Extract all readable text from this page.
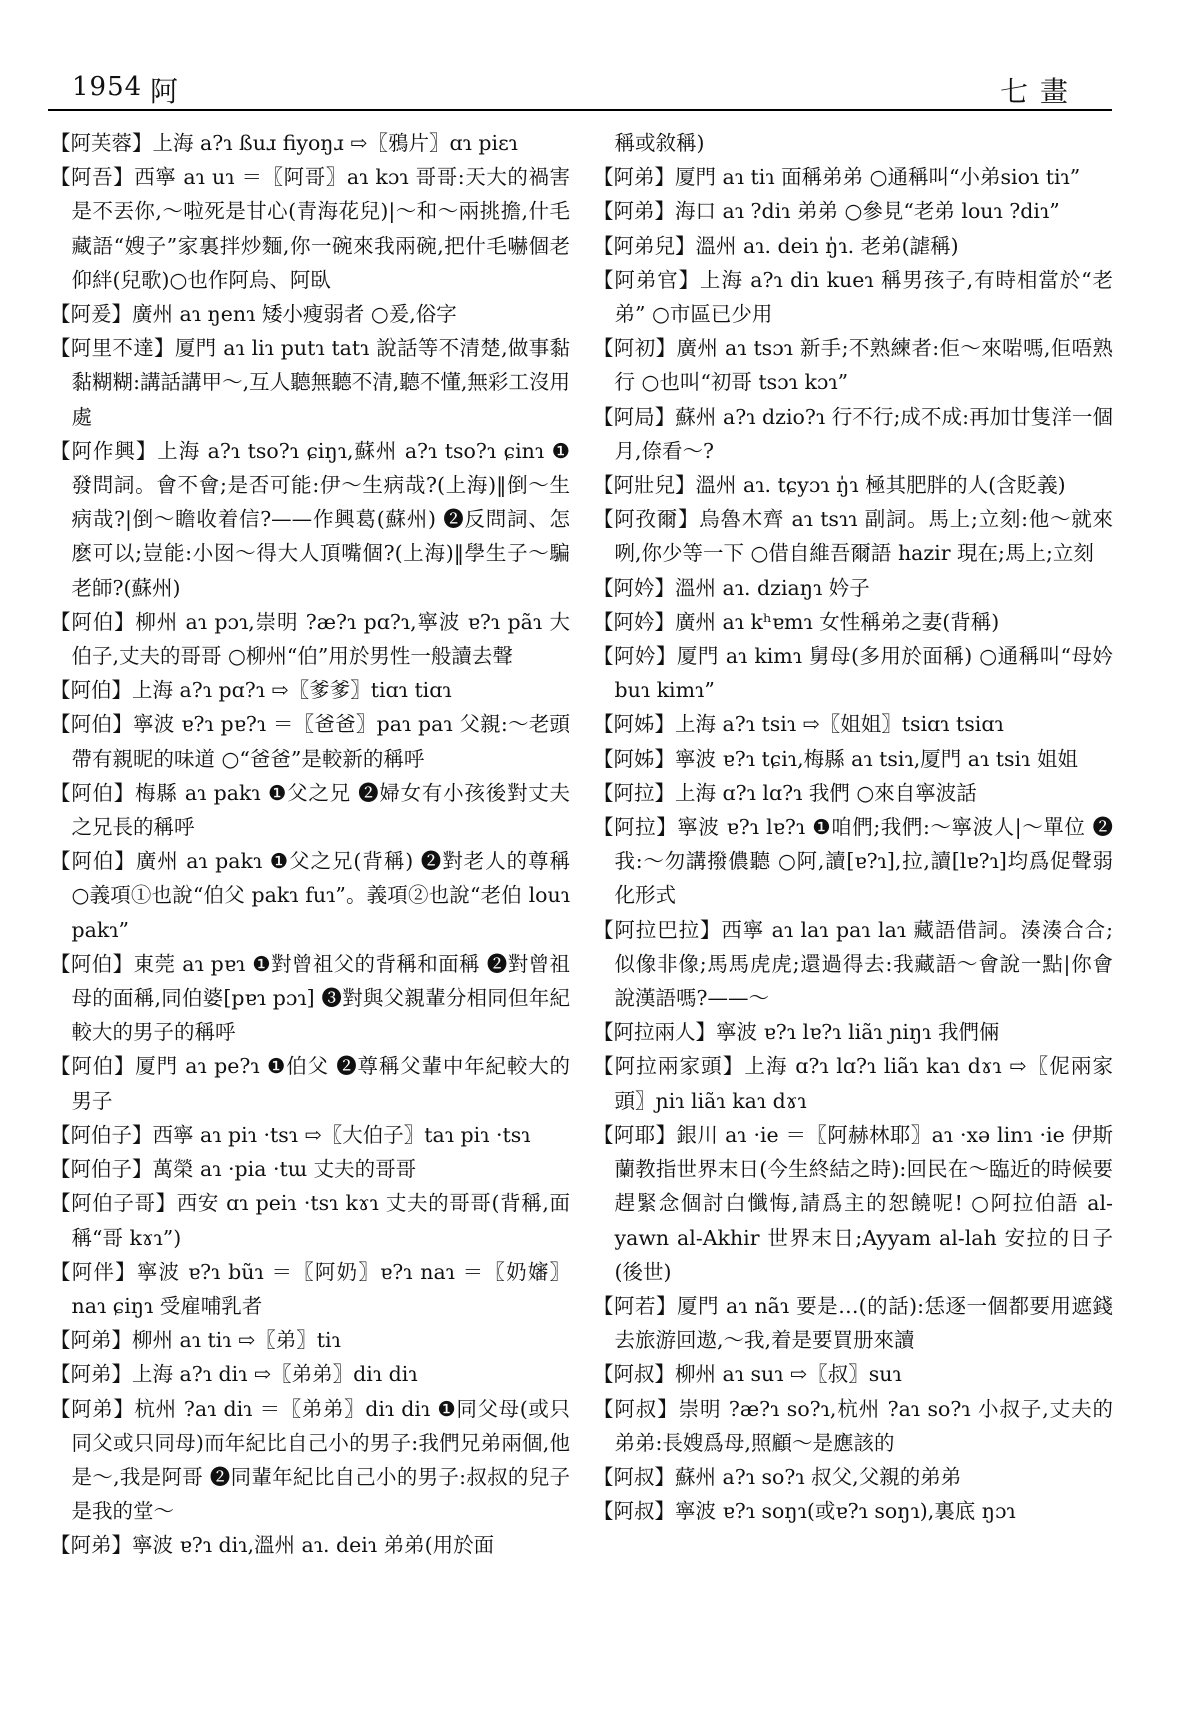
1954 阿	七畫

【阿芙蓉】上海 a?ɿ ßuɹ fiyoŋɹ ⇨〖鴉片〗ɑɿ piɛɿ

【阿吾】西寧 aɿ uɿ ＝〖阿哥〗aɿ kɔɿ 哥哥:天大的禍害是不丟你,～啦死是甘心(青海花兒)|～和～兩挑擔,什毛藏語“嫂子”家裏拌炒麵,你一碗來我兩碗,把什毛嚇個老仰絆(兒歌)○也作阿烏、阿臥

【阿爰】廣州 aɿ ŋenɿ 矮小瘦弱者 ○爰,俗字

【阿里不達】厦門 aɿ liɿ putɿ tatɿ 說話等不清楚,做事黏黏糊糊:講話講甲～,互人聽無聽不清,聽不懂,無彩工沒用處

【阿作興】上海 a?ɿ tso?ɿ ɕiŋɿ,蘇州 a?ɿ tso?ɿ ɕinɿ ❶發問詞。會不會;是否可能:伊～生病哉?(上海)‖倒～生病哉?|倒～瞻收着信?——作興葛(蘇州) ❷反問詞、怎麽可以;豈能:小囡～得大人頂嘴個?(上海)‖學生子～騙老師?(蘇州)

【阿伯】柳州 aɿ pɔɿ,崇明 ?æ?ɿ pɑ?ɿ,寧波 ɐ?ɿ pãɿ 大伯子,丈夫的哥哥 ○柳州“伯”用於男性一般讀去聲

【阿伯】上海 a?ɿ pɑ?ɿ ⇨〖爹爹〗tiɑɿ tiɑɿ

【阿伯】寧波 ɐ?ɿ pɐ?ɿ ＝〖爸爸〗paɿ paɿ 父親:～老頭帶有親昵的味道 ○“爸爸”是較新的稱呼

【阿伯】梅縣 aɿ pakɿ ❶父之兄 ❷婦女有小孩後對丈夫之兄長的稱呼

【阿伯】廣州 aɿ pakɿ ❶父之兄(背稱) ❷對老人的尊稱 ○義項①也說“伯父 pakɿ fuɿ”。義項②也說“老伯 louɿ pakɿ”

【阿伯】東莞 aɿ pɐɿ ❶對曾祖父的背稱和面稱 ❷對曾祖母的面稱,同伯婆[pɐɿ pɔɿ] ❸對與父親輩分相同但年紀較大的男子的稱呼

【阿伯】厦門 aɿ pe?ɿ ❶伯父 ❷尊稱父輩中年紀較大的男子

【阿伯子】西寧 aɿ piɿ ·tsɿ ⇨〖大伯子〗taɿ piɿ ·tsɿ

【阿伯子】萬榮 aɿ ·pia ·tɯ 丈夫的哥哥

【阿伯子哥】西安 ɑɿ peiɿ ·tsɿ kɤɿ 丈夫的哥哥(背稱,面稱“哥 kɤɿ”)

【阿伴】寧波 ɐ?ɿ bũɿ ＝〖阿奶〗ɐ?ɿ naɿ ＝〖奶嬸〗naɿ ɕiŋɿ 受雇哺乳者

【阿弟】柳州 aɿ tiɿ ⇨〖弟〗tiɿ

【阿弟】上海 a?ɿ diɿ ⇨〖弟弟〗diɿ diɿ

【阿弟】杭州 ?aɿ diɿ ＝〖弟弟〗diɿ diɿ ❶同父母(或只同父或只同母)而年紀比自己小的男子:我們兄弟兩個,他是～,我是阿哥 ❷同輩年紀比自己小的男子:叔叔的兒子是我的堂～

【阿弟】寧波 ɐ?ɿ diɿ,溫州 aɿ. deiɿ 弟弟(用於面

稱或敘稱)

【阿弟】厦門 aɿ tiɿ 面稱弟弟 ○通稱叫“小弟sioɿ tiɿ”

【阿弟】海口 aɿ ?diɿ 弟弟 ○參見“老弟 louɿ ?diɿ”

【阿弟兒】溫州 aɿ. deiɿ ŋ̍ɿ. 老弟(謔稱)

【阿弟官】上海 a?ɿ diɿ kueɿ 稱男孩子,有時相當於“老弟” ○市區已少用

【阿初】廣州 aɿ tsɔɿ 新手;不熟練者:佢～來啱嗎,佢唔熟行 ○也叫“初哥 tsɔɿ kɔɿ”

【阿局】蘇州 a?ɿ dzio?ɿ 行不行;成不成:再加廿隻洋一個月,倷看～?

【阿壯兒】溫州 aɿ. tɕyɔɿ ŋ̍ɿ 極其肥胖的人(含貶義)

【阿孜爾】烏魯木齊 aɿ tsɿɿ 副詞。馬上;立刻:他～就來咧,你少等一下 ○借自維吾爾語 hazir 現在;馬上;立刻

【阿妗】溫州 aɿ. dziaŋɿ 妗子

【阿妗】廣州 aɿ kʰɐmɿ 女性稱弟之妻(背稱)

【阿妗】厦門 aɿ kimɿ 舅母(多用於面稱) ○通稱叫“母妗 buɿ kimɿ”

【阿姊】上海 a?ɿ tsiɿ ⇨〖姐姐〗tsiɑɿ tsiɑɿ

【阿姊】寧波 ɐ?ɿ tɕiɿ,梅縣 aɿ tsiɿ,厦門 aɿ tsiɿ 姐姐

【阿拉】上海 ɑ?ɿ lɑ?ɿ 我們 ○來自寧波話

【阿拉】寧波 ɐ?ɿ lɐ?ɿ ❶咱們;我們:～寧波人|～單位 ❷我:～勿講撥儂聽 ○阿,讀[ɐ?ɿ],拉,讀[lɐ?ɿ]均爲促聲弱化形式

【阿拉巴拉】西寧 aɿ laɿ paɿ laɿ 藏語借詞。湊湊合合;似像非像;馬馬虎虎;還過得去:我藏語～會說一點|你會說漢語嗎?——～

【阿拉兩人】寧波 ɐ?ɿ lɐ?ɿ liãɿ ɲiŋɿ 我們倆

【阿拉兩家頭】上海 ɑ?ɿ lɑ?ɿ liãɿ kaɿ dɤɿ ⇨〖伲兩家頭〗ɲiɿ liãɿ kaɿ dɤɿ

【阿耶】銀川 aɿ ·ie ＝〖阿赫林耶〗aɿ ·xə linɿ ·ie 伊斯蘭教指世界末日(今生終結之時):回民在～臨近的時候要趕緊念個討白懺悔,請爲主的恕饒呢! ○阿拉伯語 al-yawn al-Akhir 世界末日;Ayyam al-lah 安拉的日子(後世)

【阿若】厦門 aɿ nãɿ 要是…(的話):恁逐一個都要用遮錢去旅游回遨,～我,着是要買册來讀

【阿叔】柳州 aɿ suɿ ⇨〖叔〗suɿ

【阿叔】崇明 ?æ?ɿ so?ɿ,杭州 ?aɿ so?ɿ 小叔子,丈夫的弟弟:長嫂爲母,照顧～是應該的

【阿叔】蘇州 a?ɿ so?ɿ 叔父,父親的弟弟

【阿叔】寧波 ɐ?ɿ soŋɿ(或ɐ?ɿ soŋɿ),裏底 ŋɔɿ
